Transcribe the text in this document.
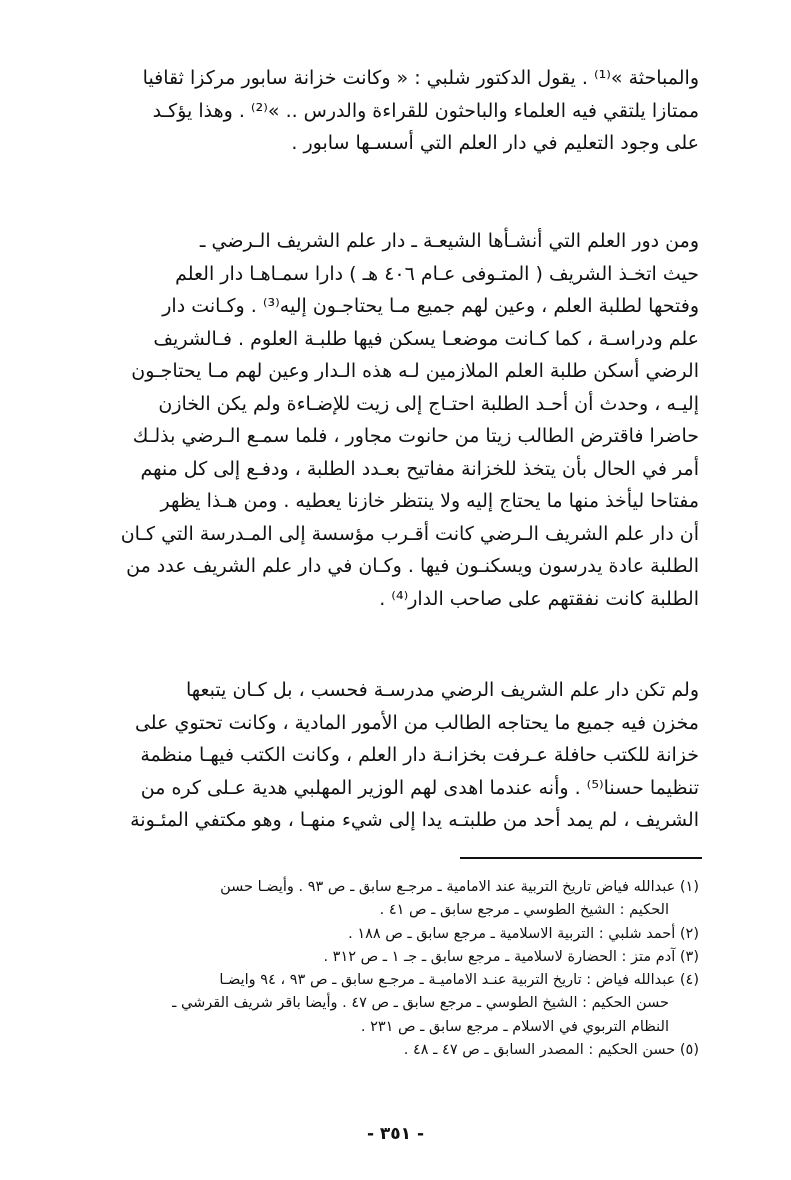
والمباحثة »⁽¹⁾ . يقول الدكتور شلبي : « وكانت خزانة سابور مركزا ثقافيا
ممتازا يلتقي فيه العلماء والباحثون للقراءة والدرس .. »⁽²⁾ . وهذا يؤكـد
على وجود التعليم في دار العلم التي أسسـها سابور .

ومن دور العلم التي أنشـأها الشيعـة ـ دار علم الشريف الـرضي ـ
حيث اتخـذ الشريف ( المتـوفى عـام ٤٠٦ هـ ) دارا سمـاهـا دار العلم
وفتحها لطلبة العلم ، وعين لهم جميع مـا يحتاجـون إليه⁽³⁾ . وكـانت دار
علم ودراسـة ، كما كـانت موضعـا يسكن فيها طلبـة العلوم . فـالشريف
الرضي أسكن طلبة العلم الملازمين لـه هذه الـدار وعين لهم مـا يحتاجـون
إليـه ، وحدث أن أحـد الطلبة احتـاج إلى زيت للإضـاءة ولم يكن الخازن
حاضرا فاقترض الطالب زيتا من حانوت مجاور ، فلما سمـع الـرضي بذلـك
أمر في الحال بأن يتخذ للخزانة مفاتيح بعـدد الطلبة ، ودفـع إلى كل منهم
مفتاحا ليأخذ منها ما يحتاج إليه ولا ينتظر خازنا يعطيه . ومن هـذا يظهر
أن دار علم الشريف الـرضي كانت أقـرب مؤسسة إلى المـدرسة التي كـان
الطلبة عادة يدرسون ويسكنـون فيها . وكـان في دار علم الشريف عدد من
الطلبة كانت نفقتهم على صاحب الدار⁽⁴⁾ .

ولم تكن دار علم الشريف الرضي مدرسـة فحسب ، بل كـان يتبعها
مخزن فيه جميع ما يحتاجه الطالب من الأمور المادية ، وكانت تحتوي على
خزانة للكتب حافلة عـرفت بخزانـة دار العلم ، وكانت الكتب فيهـا منظمة
تنظيما حسنا⁽⁵⁾ . وأنه عندما اهدى لهم الوزير المهلبي هدية عـلى كره من
الشريف ، لم يمد أحد من طلبتـه يدا إلى شيء منهـا ، وهو مكتفي المئـونة

(١) عبدالله فياض تاريخ التربية عند الامامية ـ مرجـع سابق ـ ص ٩٣ . وأيضـا حسن
الحكيم : الشيخ الطوسي ـ مرجع سابق ـ ص ٤١ .
(٢) أحمد شلبي : التربية الاسلامية ـ مرجع سابق ـ ص ١٨٨ .
(٣) آدم متز : الحضارة لاسلامية ـ مرجع سابق ـ جـ ١ ـ ص ٣١٢ .
(٤) عبدالله فياض : تاريخ التربية عنـد الاماميـة ـ مرجـع سابق ـ ص ٩٣ ، ٩٤ وايضـا
حسن الحكيم : الشيخ الطوسي ـ مرجع سابق ـ ص ٤٧ . وأيضا باقر شريف القرشي ـ
النظام التربوي في الاسلام ـ مرجع سابق ـ ص ٢٣١ .
(٥) حسن الحكيم : المصدر السابق ـ ص ٤٧ ـ ٤٨ .
- ٣٥١ -
